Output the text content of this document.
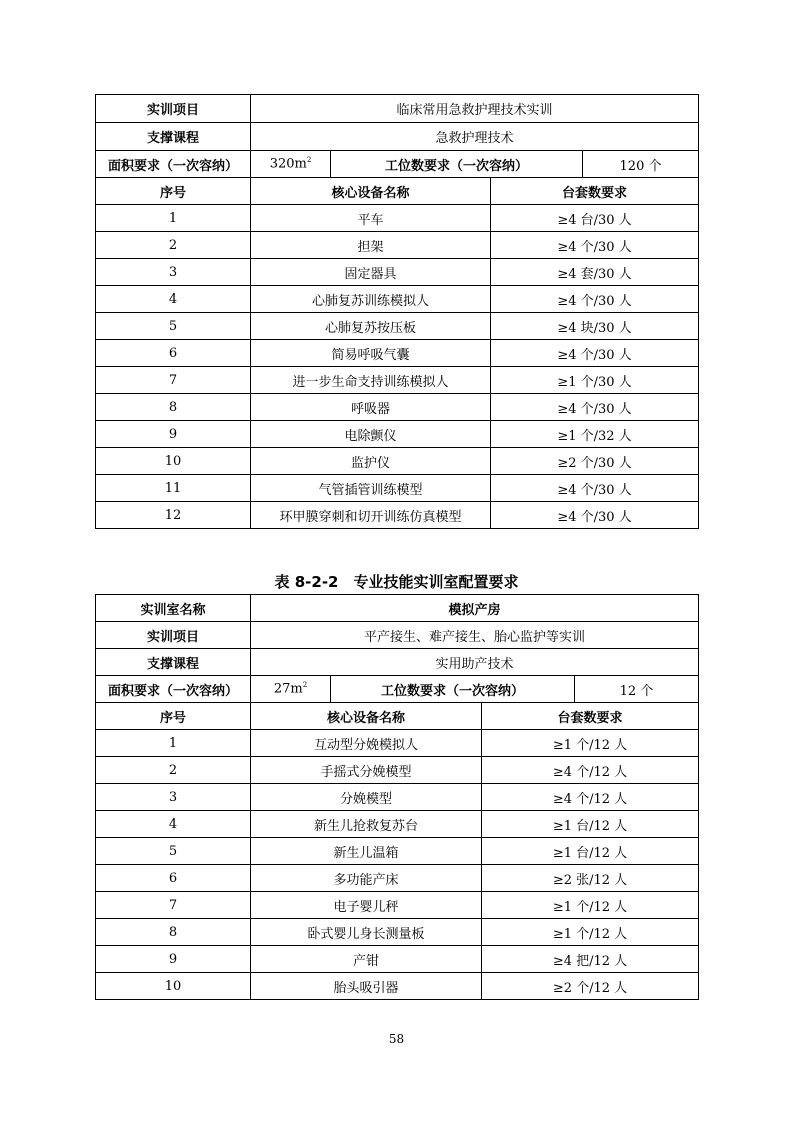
实训项目	临床常用急救护理技术实训			
支撑课程	急救护理技术			
面积要求（一次容纳）	$320m^2$	工位数要求（一次容纳）		120 个
序号	核心设备名称		台套数要求	
1	平车		≥4 台/30 人	
2	担架		≥4 个/30 人	
3	固定器具		≥4 套/30 人	
4	心肺复苏训练模拟人		≥4 个/30 人	
5	心肺复苏按压板		≥4 块/30 人	
6	简易呼吸气囊		≥4 个/30 人	
7	进一步生命支持训练模拟人		≥1 个/30 人	
8	呼吸器		≥4 个/30 人	
9	电除颤仪		≥1 个/32 人	
10	监护仪		≥2 个/30 人	
11	气管插管训练模型		≥4 个/30 人	
12	环甲膜穿刺和切开训练仿真模型		≥4 个/30 人	
表 8-2-2　专业技能实训室配置要求
实训室名称	模拟产房			
实训项目	平产接生、难产接生、胎心监护等实训			
支撑课程	实用助产技术			
面积要求（一次容纳）	$27m^2$	工位数要求（一次容纳）		12 个
序号	核心设备名称		台套数要求	
1	互动型分娩模拟人		≥1 个/12 人	
2	手摇式分娩模型		≥4 个/12 人	
3	分娩模型		≥4 个/12 人	
4	新生儿抢救复苏台		≥1 台/12 人	
5	新生儿温箱		≥1 台/12 人	
6	多功能产床		≥2 张/12 人	
7	电子婴儿秤		≥1 个/12 人	
8	卧式婴儿身长测量板		≥1 个/12 人	
9	产钳		≥4 把/12 人	
10	胎头吸引器		≥2 个/12 人	
58
